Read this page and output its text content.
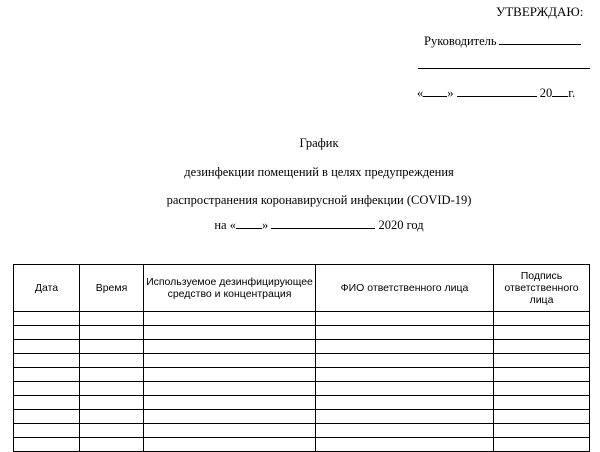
УТВЕРЖДАЮ:
Руководитель
« »	20 г.
График
дезинфекции помещений в целях предупреждения
распространения коронавирусной инфекции (COVID-19)
на « »	2020 год
Дата	Время	Используемое дезинфицирующее средство и концентрация	ФИО ответственного лица	Подпись ответственного лица
